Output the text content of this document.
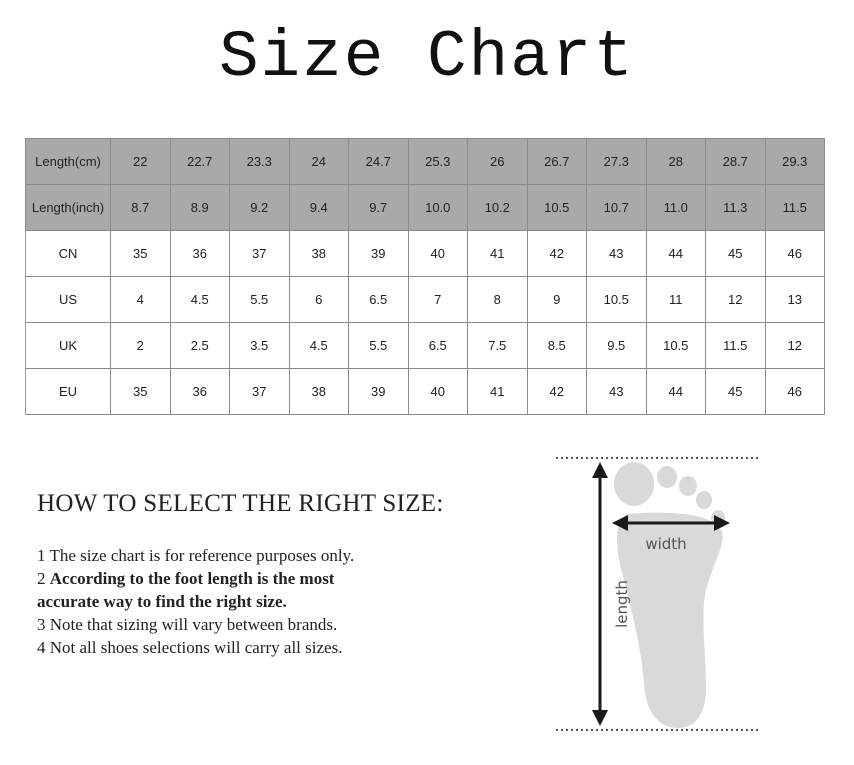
Size Chart
Length(cm)	22	22.7	23.3	24	24.7	25.3	26	26.7	27.3	28	28.7	29.3
Length(inch)	8.7	8.9	9.2	9.4	9.7	10.0	10.2	10.5	10.7	11.0	11.3	11.5
CN	35	36	37	38	39	40	41	42	43	44	45	46
US	4	4.5	5.5	6	6.5	7	8	9	10.5	11	12	13
UK	2	2.5	3.5	4.5	5.5	6.5	7.5	8.5	9.5	10.5	11.5	12
EU	35	36	37	38	39	40	41	42	43	44	45	46
HOW TO SELECT THE RIGHT SIZE:
1 The size chart is for reference purposes only.
2 According to the foot length is the most
accurate way to find the right size.
3 Note that sizing will vary between brands.
4 Not all shoes selections will carry all sizes.
width
length
